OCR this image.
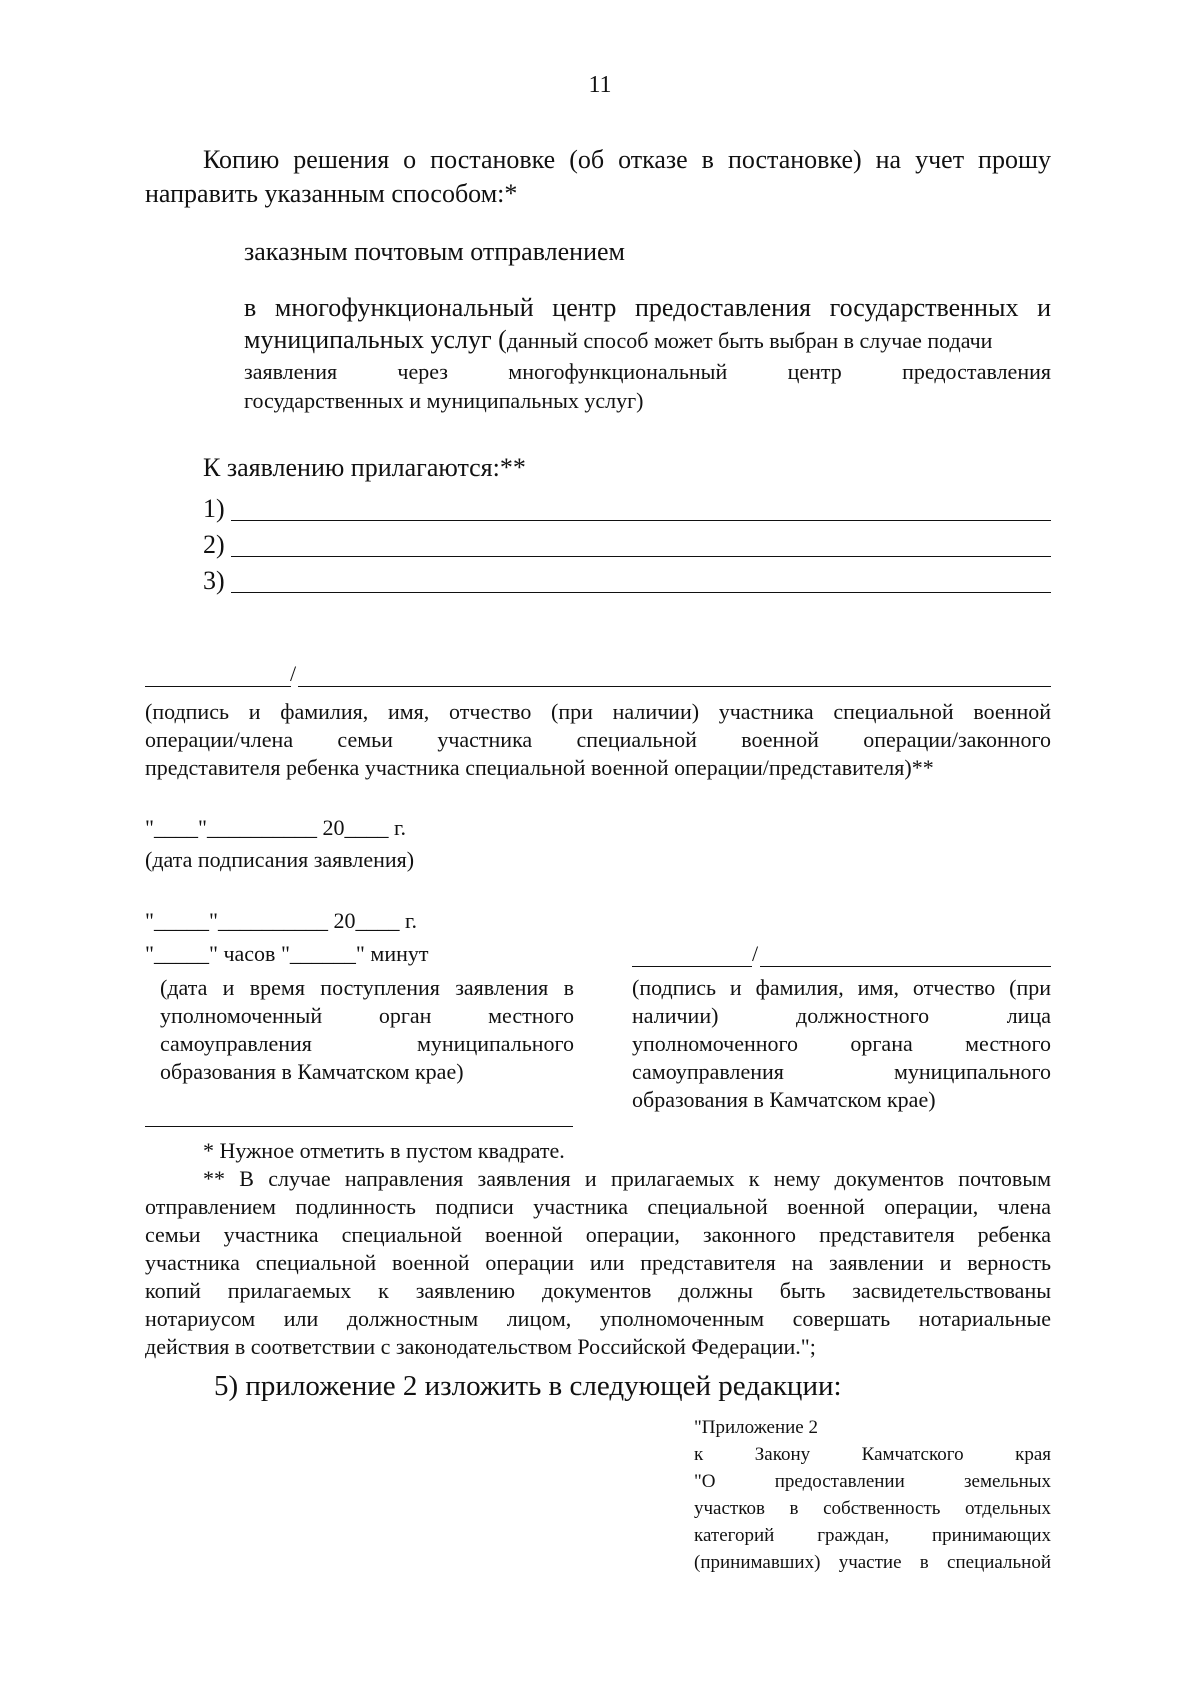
11
Копию решения о постановке (об отказе в постановке) на учет прошу
направить указанным способом:*
заказным почтовым отправлением
в многофункциональный центр предоставления государственных и
муниципальных услуг (данный способ может быть выбран в случае подачи
заявления через многофункциональный центр предоставления
государственных и муниципальных услуг)
К заявлению прилагаются:**
1)
2)
3)
/
(подпись и фамилия, имя, отчество (при наличии) участника специальной военной
операции/члена семьи участника специальной военной операции/законного
представителя ребенка участника специальной военной операции/представителя)**
"____"__________ 20____ г.
(дата подписания заявления)
"_____"__________ 20____ г.
"_____" часов "______" минут
(дата и время поступления заявления в
уполномоченный орган местного
самоуправления муниципального
образования в Камчатском крае)
/
(подпись и фамилия, имя, отчество (при
наличии) должностного лица
уполномоченного органа местного
самоуправления муниципального
образования в Камчатском крае)
* Нужное отметить в пустом квадрате.
** В случае направления заявления и прилагаемых к нему документов почтовым
отправлением подлинность подписи участника специальной военной операции, члена
семьи участника специальной военной операции, законного представителя ребенка
участника специальной военной операции или представителя на заявлении и верность
копий прилагаемых к заявлению документов должны быть засвидетельствованы
нотариусом или должностным лицом, уполномоченным совершать нотариальные
действия в соответствии с законодательством Российской Федерации.";
5) приложение 2 изложить в следующей редакции:
"Приложение 2
к Закону Камчатского края
"О предоставлении земельных
участков в собственность отдельных
категорий граждан, принимающих
(принимавших) участие в специальной
